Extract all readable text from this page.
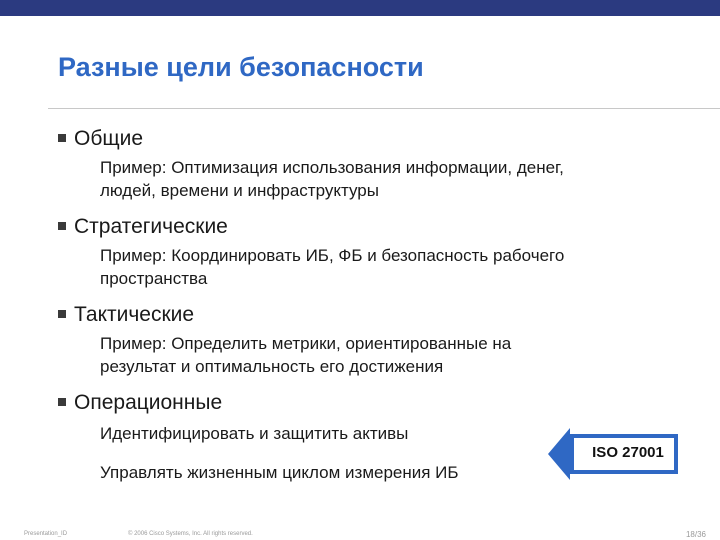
Разные цели безопасности
Общие
Пример: Оптимизация использования информации, денег,
людей, времени и инфраструктуры
Стратегические
Пример: Координировать ИБ, ФБ и безопасность рабочего
пространства
Тактические
Пример: Определить метрики, ориентированные на
результат и оптимальность его достижения
Операционные
Идентифицировать и защитить активы
Управлять жизненным циклом измерения ИБ
ISO 27001
Presentation_ID	© 2006 Cisco Systems, Inc. All rights reserved.	18/36
